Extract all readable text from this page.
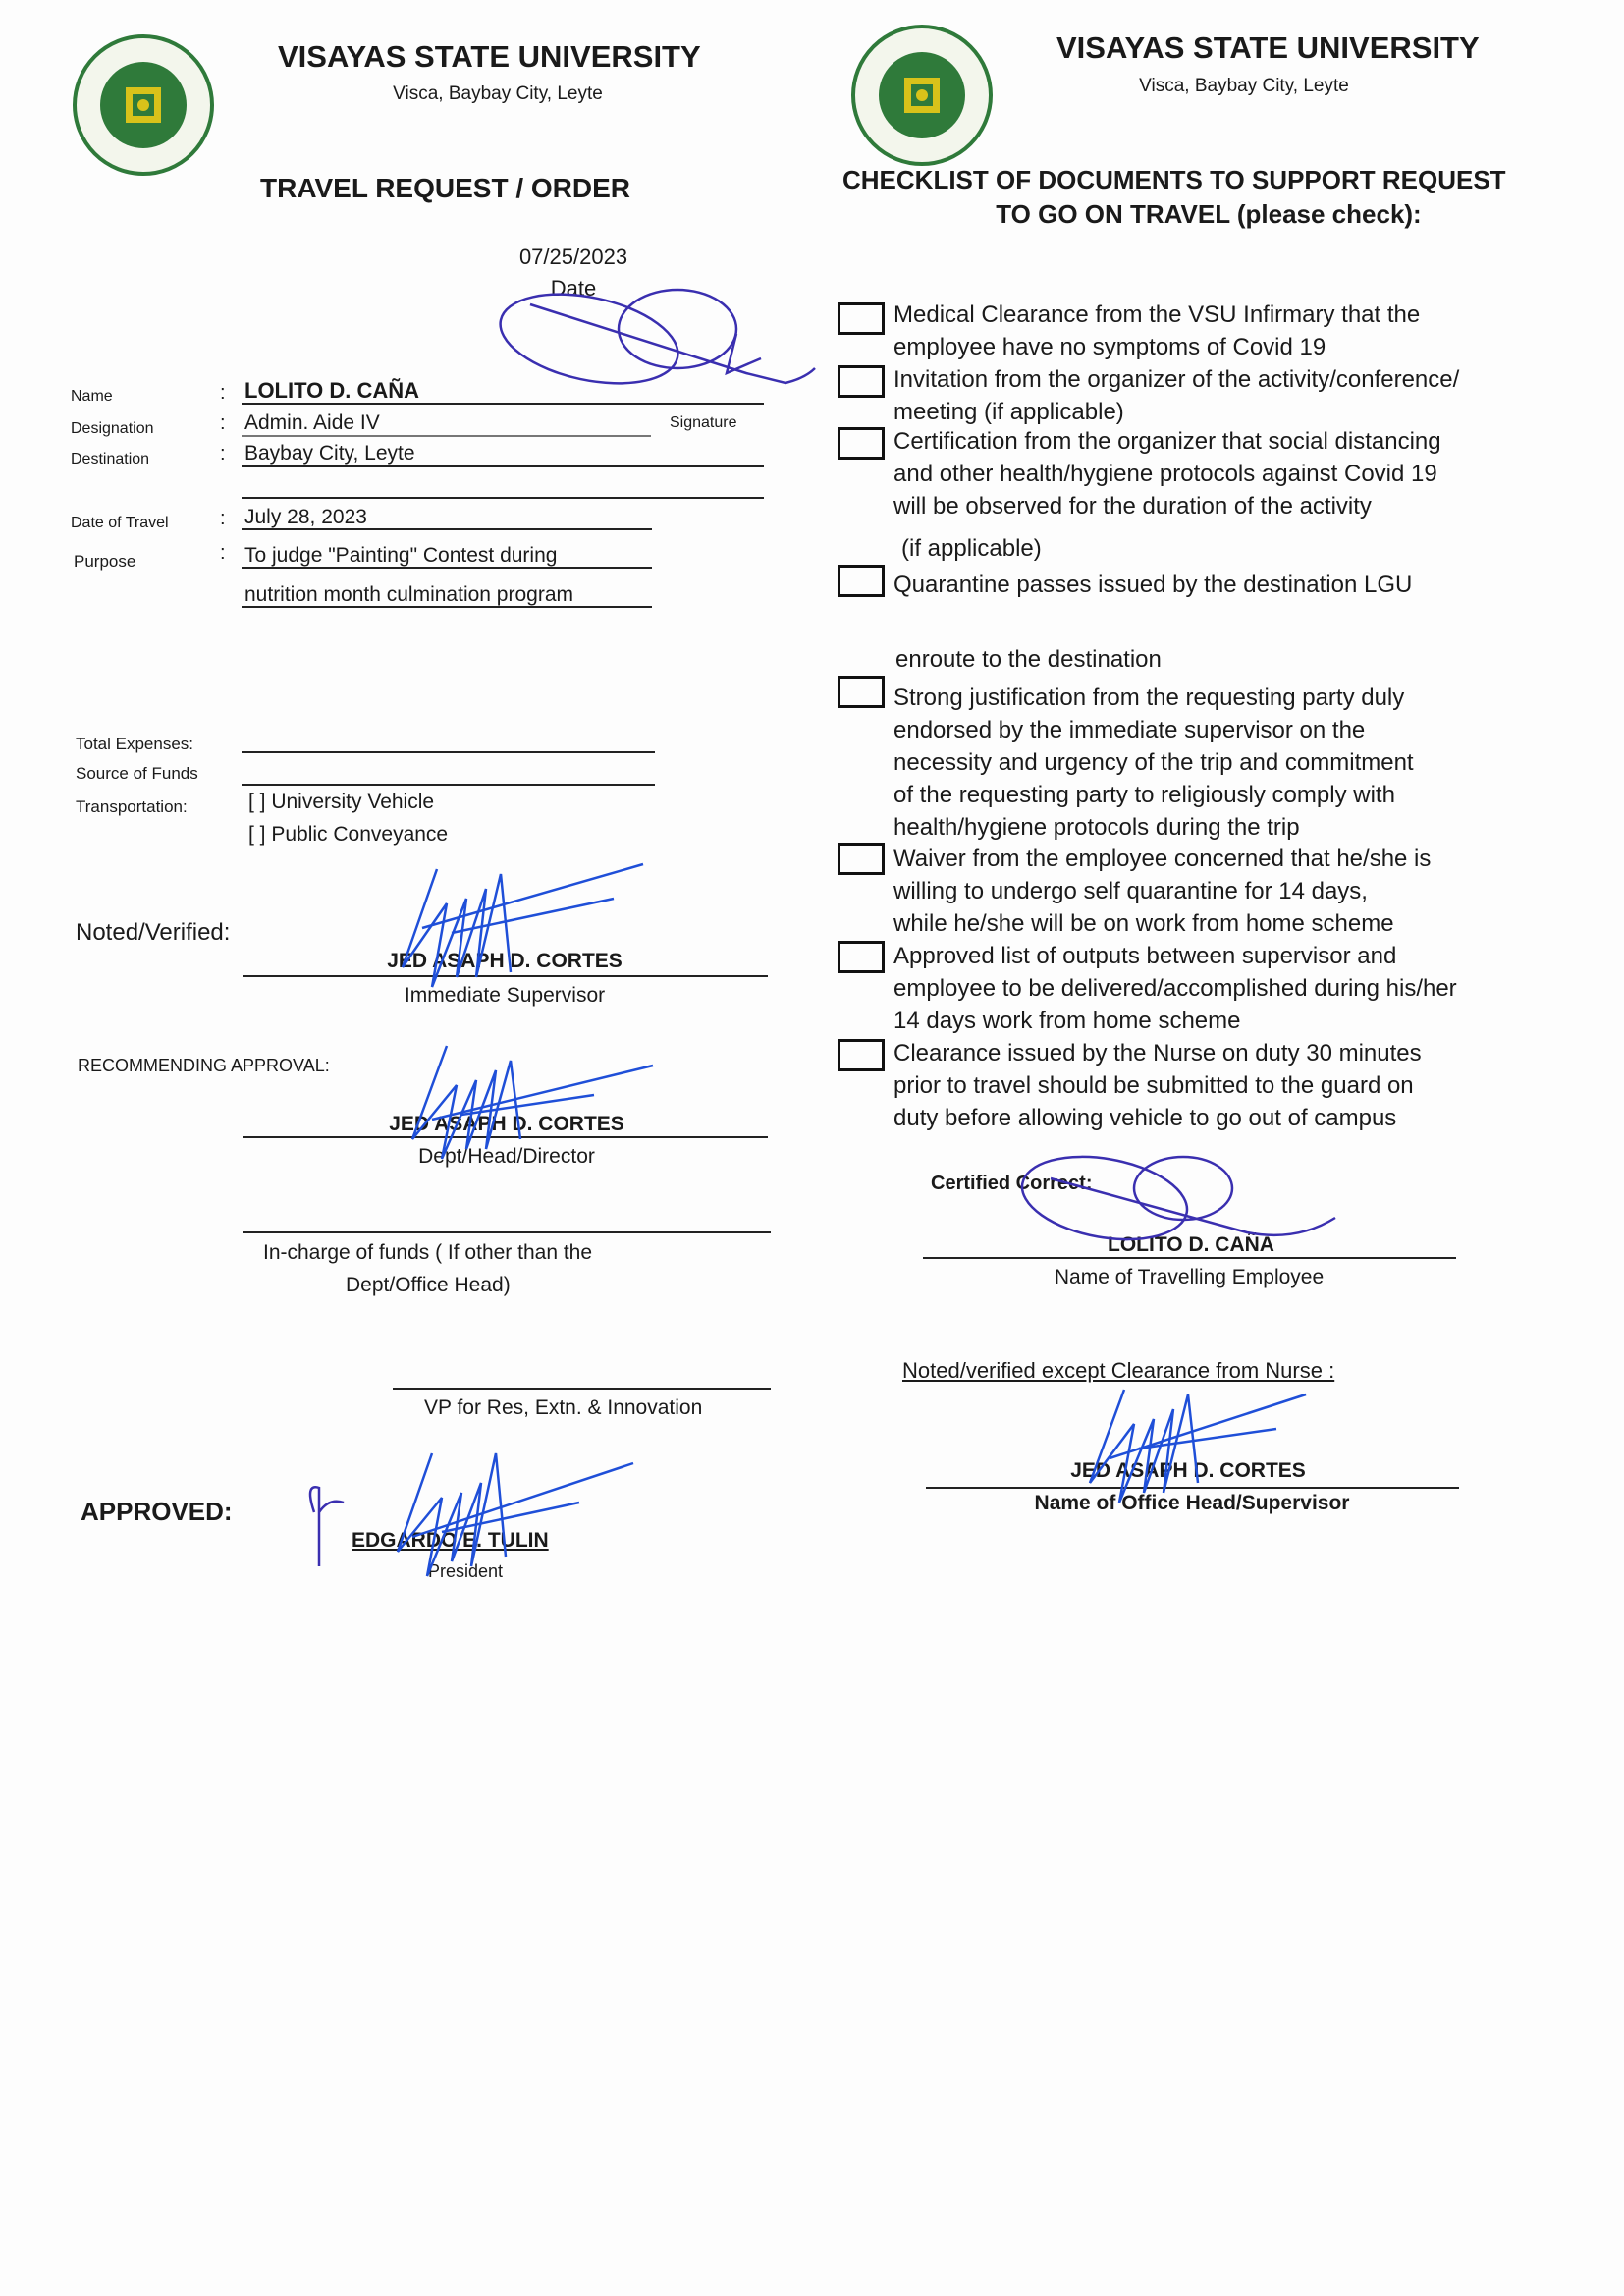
VISAYAS STATE UNIVERSITY
Visca, Baybay City, Leyte
TRAVEL REQUEST / ORDER
07/25/2023
Date
Name	: LOLITO D. CAÑA
Designation	: Admin. Aide IV	Signature
Destination	: Baybay City, Leyte
Date of Travel	: July 28, 2023
Purpose	: To judge "Painting" Contest during
nutrition month culmination program
Total Expenses:
Source of Funds
Transportation:	[ ] University Vehicle
[ ] Public Conveyance
Noted/Verified:
JED ASAPH D. CORTES
Immediate Supervisor
RECOMMENDING APPROVAL:
JED ASAPH D. CORTES
Dept/Head/Director
In-charge of funds ( If other than the
Dept/Office Head)
VP for Res, Extn. & Innovation
APPROVED:
EDGARDO E. TULIN
President
VISAYAS STATE UNIVERSITY
Visca, Baybay City, Leyte
CHECKLIST OF DOCUMENTS TO SUPPORT REQUEST
TO GO ON TRAVEL (please check):
Medical Clearance from the VSU Infirmary that the
employee have no symptoms of Covid 19
Invitation from the organizer of the activity/conference/
meeting (if applicable)
Certification from the organizer that social distancing
and other health/hygiene protocols against Covid 19
will be observed for the duration of the activity
(if applicable)
Quarantine passes issued by the destination LGU
enroute to the destination
Strong justification from the requesting party duly
endorsed by the immediate supervisor on the
necessity and urgency of the trip and commitment
of the requesting party to religiously comply with
health/hygiene protocols during the trip
Waiver from the employee concerned that he/she is
willing to undergo self quarantine for 14 days,
while he/she will be on work from home scheme
Approved list of outputs between supervisor and
employee to be delivered/accomplished during his/her
14 days work from home scheme
Clearance issued by the Nurse on duty 30 minutes
prior to travel should be submitted to the guard on
duty before allowing vehicle to go out of campus
Certified Correct:
LOLITO D. CAÑA
Name of Travelling Employee
Noted/verified except Clearance from Nurse :
JED ASAPH D. CORTES
Name of Office Head/Supervisor
